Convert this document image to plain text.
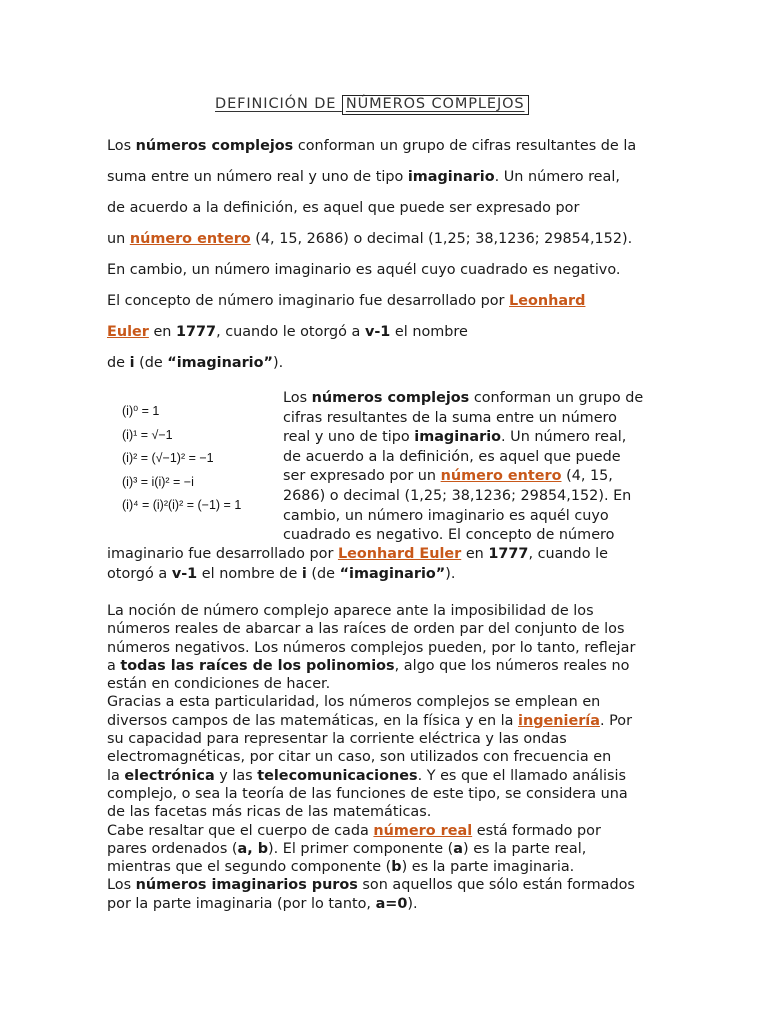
DEFINICIÓN DE NÚMEROS COMPLEJOS
Los números complejos conforman un grupo de cifras resultantes de la
suma entre un número real y uno de tipo imaginario. Un número real,
de acuerdo a la definición, es aquel que puede ser expresado por
un número entero (4, 15, 2686) o decimal (1,25; 38,1236; 29854,152).
En cambio, un número imaginario es aquél cuyo cuadrado es negativo.
El concepto de número imaginario fue desarrollado por Leonhard
Euler en 1777, cuando le otorgó a v-1 el nombre
de i (de “imaginario”).
(i)⁰ = 1
(i)¹ = √−1
(i)² = (√−1)² = −1
(i)³ = i(i)² = −i
(i)⁴ = (i)²(i)² = (−1) = 1
Los números complejos conforman un grupo de
cifras resultantes de la suma entre un número
real y uno de tipo imaginario. Un número real,
de acuerdo a la definición, es aquel que puede
ser expresado por un número entero (4, 15,
2686) o decimal (1,25; 38,1236; 29854,152). En
cambio, un número imaginario es aquél cuyo
cuadrado es negativo. El concepto de número
imaginario fue desarrollado por Leonhard Euler en 1777, cuando le
otorgó a v-1 el nombre de i (de “imaginario”).
La noción de número complejo aparece ante la imposibilidad de los
números reales de abarcar a las raíces de orden par del conjunto de los
números negativos. Los números complejos pueden, por lo tanto, reflejar
a todas las raíces de los polinomios, algo que los números reales no
están en condiciones de hacer.
Gracias a esta particularidad, los números complejos se emplean en
diversos campos de las matemáticas, en la física y en la ingeniería. Por
su capacidad para representar la corriente eléctrica y las ondas
electromagnéticas, por citar un caso, son utilizados con frecuencia en
la electrónica y las telecomunicaciones. Y es que el llamado análisis
complejo, o sea la teoría de las funciones de este tipo, se considera una
de las facetas más ricas de las matemáticas.
Cabe resaltar que el cuerpo de cada número real está formado por
pares ordenados (a, b). El primer componente (a) es la parte real,
mientras que el segundo componente (b) es la parte imaginaria.
Los números imaginarios puros son aquellos que sólo están formados
por la parte imaginaria (por lo tanto, a=0).
